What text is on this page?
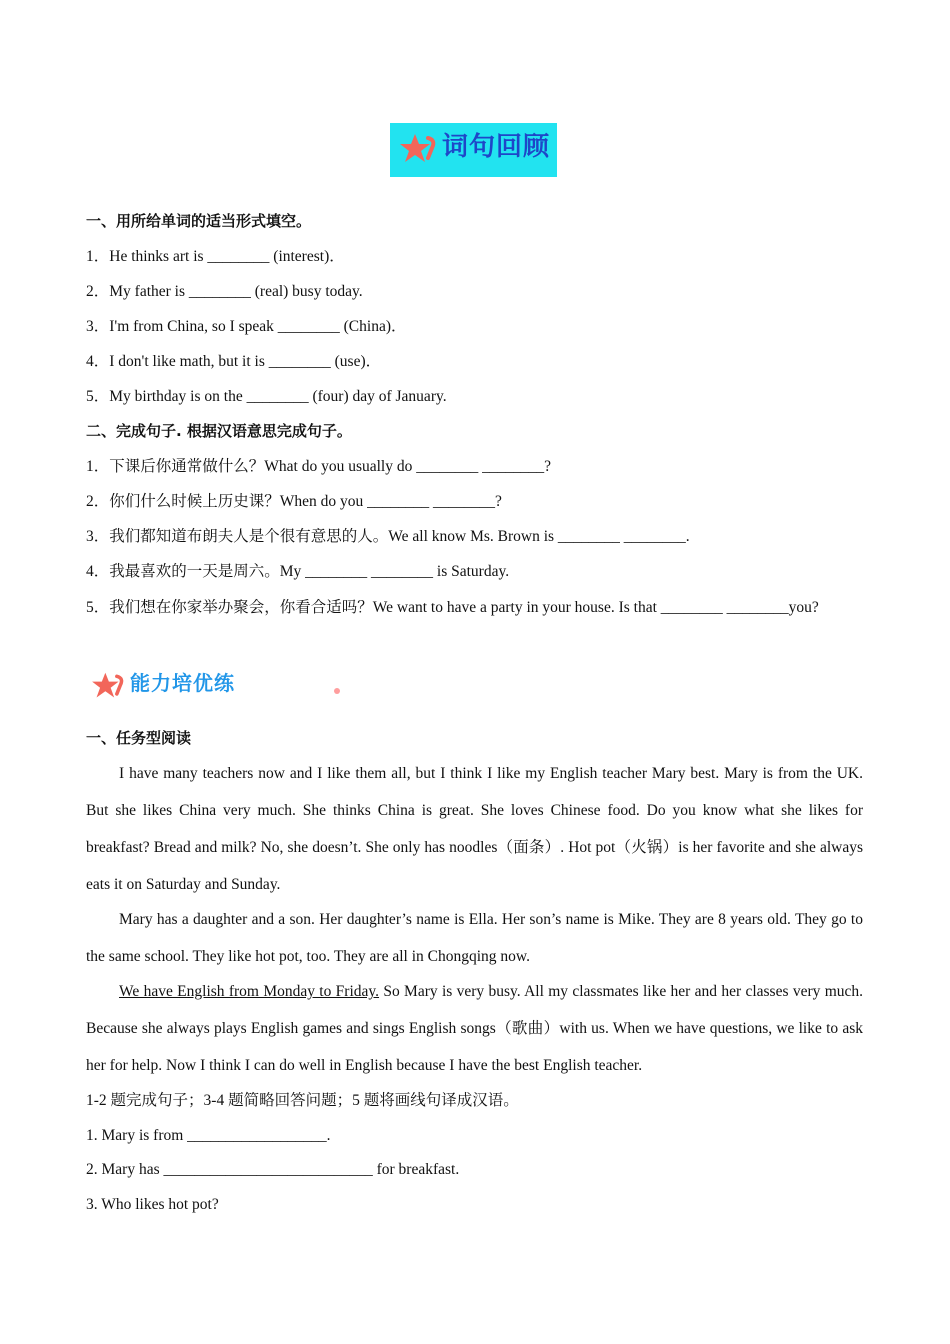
词句回顾
一、用所给单词的适当形式填空。
1．He thinks art is ________ (interest)．
2．My father is ________ (real) busy today.
3．I'm from China, so I speak ________ (China)．
4．I don't like math, but it is ________ (use)．
5．My birthday is on the ________ (four) day of January.
二、完成句子. 根据汉语意思完成句子。
1．下课后你通常做什么？What do you usually do ________ ________?
2．你们什么时候上历史课？When do you ________ ________?
3．我们都知道布朗夫人是个很有意思的人。We all know Ms. Brown is ________ ________.
4．我最喜欢的一天是周六。My ________ ________ is Saturday.
5．我们想在你家举办聚会，你看合适吗？We want to have a party in your house. Is that ________ ________you?
能力培优练
一、任务型阅读
I have many teachers now and I like them all, but I think I like my English teacher Mary best. Mary is from the UK. But she likes China very much. She thinks China is great. She loves Chinese food. Do you know what she likes for breakfast? Bread and milk? No, she doesn’t. She only has noodles（面条）. Hot pot（火锅）is her favorite and she always eats it on Saturday and Sunday.
Mary has a daughter and a son. Her daughter’s name is Ella. Her son’s name is Mike. They are 8 years old. They go to the same school. They like hot pot, too. They are all in Chongqing now.
We have English from Monday to Friday. So Mary is very busy. All my classmates like her and her classes very much. Because she always plays English games and sings English songs（歌曲）with us. When we have questions, we like to ask her for help. Now I think I can do well in English because I have the best English teacher.
1-2 题完成句子；3-4 题简略回答问题；5 题将画线句译成汉语。
1. Mary is from __________________.
2. Mary has ___________________________ for breakfast.
3. Who likes hot pot?
